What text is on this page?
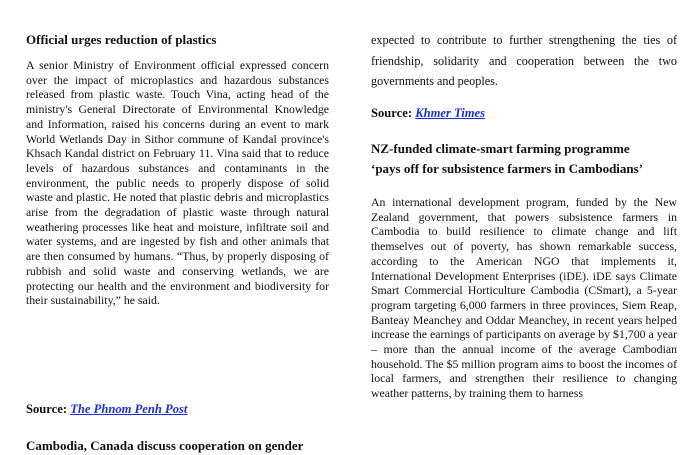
Official urges reduction of plastics

A senior Ministry of Environment official expressed concern over the impact of microplastics and hazardous substances released from plastic waste. Touch Vina, acting head of the ministry's General Directorate of Environmental Knowledge and Information, raised his concerns during an event to mark World Wetlands Day in Sithor commune of Kandal province's Khsach Kandal district on February 11. Vina said that to reduce levels of hazardous substances and contaminants in the environment, the public needs to properly dispose of solid waste and plastic. He noted that plastic debris and microplastics arise from the degradation of plastic waste through natural weathering processes like heat and moisture, infiltrate soil and water systems, and are ingested by fish and other animals that are then consumed by humans. “Thus, by properly disposing of rubbish and solid waste and conserving wetlands, we are protecting our health and the environment and biodiversity for their sustainability,” he said.

Source: The Phnom Penh Post

Cambodia, Canada discuss cooperation on gender

expected to contribute to further strengthening the ties of friendship, solidarity and cooperation between the two governments and peoples.

Source: Khmer Times

NZ-funded climate-smart farming programme
‘pays off for subsistence farmers in Cambodians’

An international development program, funded by the New Zealand government, that powers subsistence farmers in Cambodia to build resilience to climate change and lift themselves out of poverty, has shown remarkable success, according to the American NGO that implements it, International Development Enterprises (iDE). iDE says Climate Smart Commercial Horticulture Cambodia (CSmart), a 5-year program targeting 6,000 farmers in three provinces, Siem Reap, Banteay Meanchey and Oddar Meanchey, in recent years helped increase the earnings of participants on average by $1,700 a year – more than the annual income of the average Cambodian household. The $5 million program aims to boost the incomes of local farmers, and strengthen their resilience to changing weather patterns, by training them to harness
